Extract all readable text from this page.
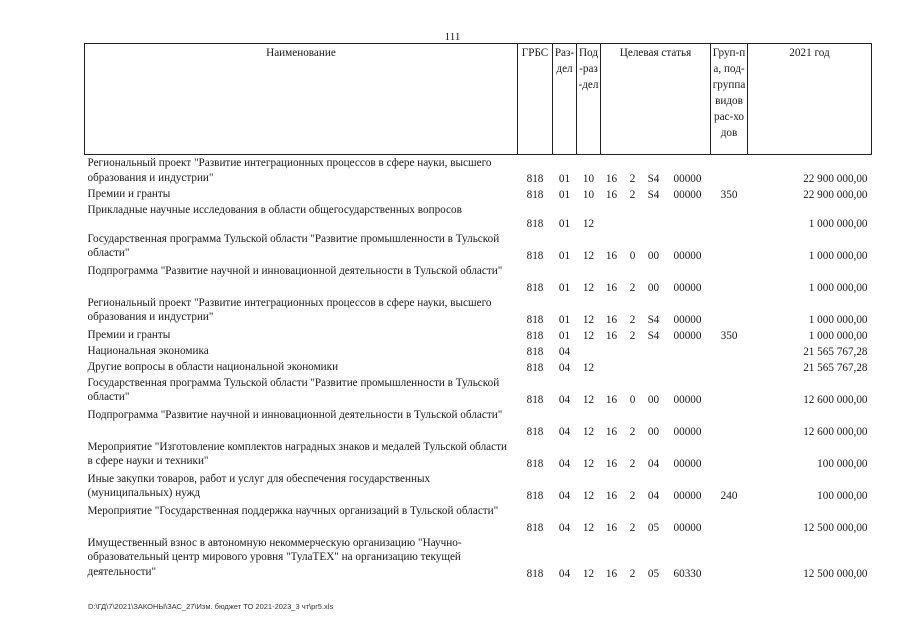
111
Наименование	ГРБС	Раз-дел	Под-раз-дел	Целевая статья				Груп-па, под-группа видов рас-ходов	2021 год
Региональный проект "Развитие интеграционных процессов в сфере науки, высшего образования и индустрии"	818	01	10	16	2	S4	00000		22 900 000,00
Премии и гранты	818	01	10	16	2	S4	00000	350	22 900 000,00
Прикладные научные исследования в области общегосударственных вопросов	818	01	12						1 000 000,00
Государственная программа Тульской области "Развитие промышленности в Тульской области"	818	01	12	16	0	00	00000		1 000 000,00
Подпрограмма "Развитие научной и инновационной деятельности в Тульской области"	818	01	12	16	2	00	00000		1 000 000,00
Региональный проект "Развитие интеграционных процессов в сфере науки, высшего образования и индустрии"	818	01	12	16	2	S4	00000		1 000 000,00
Премии и гранты	818	01	12	16	2	S4	00000	350	1 000 000,00
Национальная экономика	818	04							21 565 767,28
Другие вопросы в области национальной экономики	818	04	12						21 565 767,28
Государственная программа Тульской области "Развитие промышленности в Тульской области"	818	04	12	16	0	00	00000		12 600 000,00
Подпрограмма "Развитие научной и инновационной деятельности в Тульской области"	818	04	12	16	2	00	00000		12 600 000,00
Мероприятие "Изготовление комплектов наградных знаков и медалей Тульской области в сфере науки и техники"	818	04	12	16	2	04	00000		100 000,00
Иные закупки товаров, работ и услуг для обеспечения государственных (муниципальных) нужд	818	04	12	16	2	04	00000	240	100 000,00
Мероприятие "Государственная поддержка научных организаций в Тульской области"	818	04	12	16	2	05	00000		12 500 000,00
Имущественный взнос в автономную некоммерческую организацию "Научно-образовательный центр мирового уровня "ТулаТЕХ" на организацию текущей деятельности"	818	04	12	16	2	05	60330		12 500 000,00
D:\ГД\7\2021\ЗАКОНЫ\ЗАС_27\Изм. бюджет ТО 2021-2023_3 чт\pr5.xls
